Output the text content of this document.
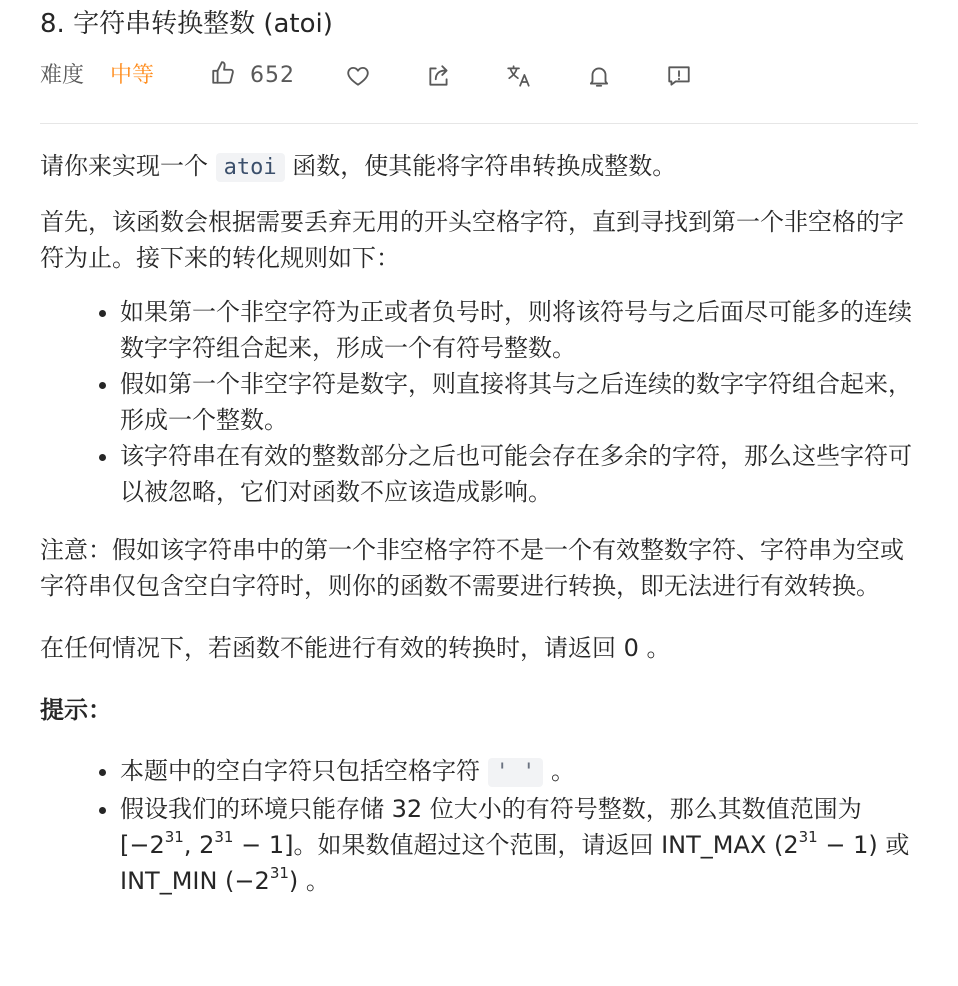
8. 字符串转换整数 (atoi)
难度 中等	652

请你来实现一个 atoi 函数，使其能将字符串转换成整数。

首先，该函数会根据需要丢弃无用的开头空格字符，直到寻找到第一个非空格的字符为止。接下来的转化规则如下：

• 如果第一个非空字符为正或者负号时，则将该符号与之后面尽可能多的连续数字字符组合起来，形成一个有符号整数。
• 假如第一个非空字符是数字，则直接将其与之后连续的数字字符组合起来，形成一个整数。
• 该字符串在有效的整数部分之后也可能会存在多余的字符，那么这些字符可以被忽略，它们对函数不应该造成影响。

注意：假如该字符串中的第一个非空格字符不是一个有效整数字符、字符串为空或字符串仅包含空白字符时，则你的函数不需要进行转换，即无法进行有效转换。

在任何情况下，若函数不能进行有效的转换时，请返回 0 。

提示：

• 本题中的空白字符只包括空格字符 ' ' 。
• 假设我们的环境只能存储 32 位大小的有符号整数，那么其数值范围为 [$-2^{31}$, $2^{31} - 1$]。如果数值超过这个范围，请返回 INT_MAX $(2^{31} - 1)$ 或 INT_MIN $(-2^{31})$ 。
